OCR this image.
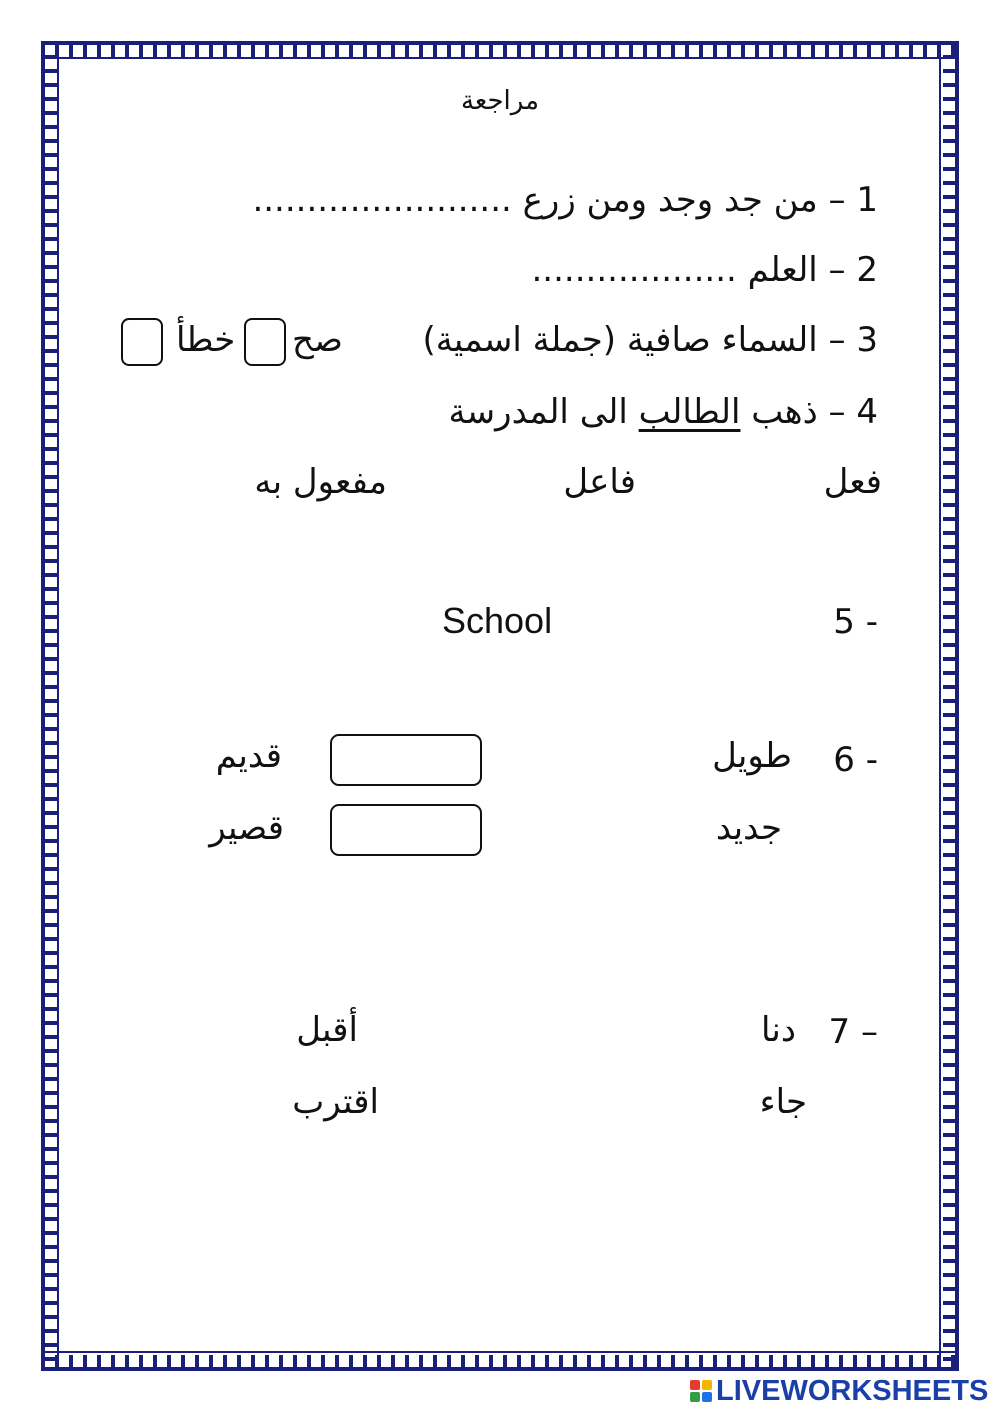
مراجعة
1 – من جد وجد ومن زرع ........................
2 – العلم ...................
3 – السماء صافية (جملة اسمية)
صح
خطأ
4 – ذهب الطالب الى المدرسة
فعل
فاعل
مفعول به
5 -
School
6 -
طويل
جديد
قديم
قصير
7 –
دنا
جاء
أقبل
اقترب
LIVEWORKSHEETS
